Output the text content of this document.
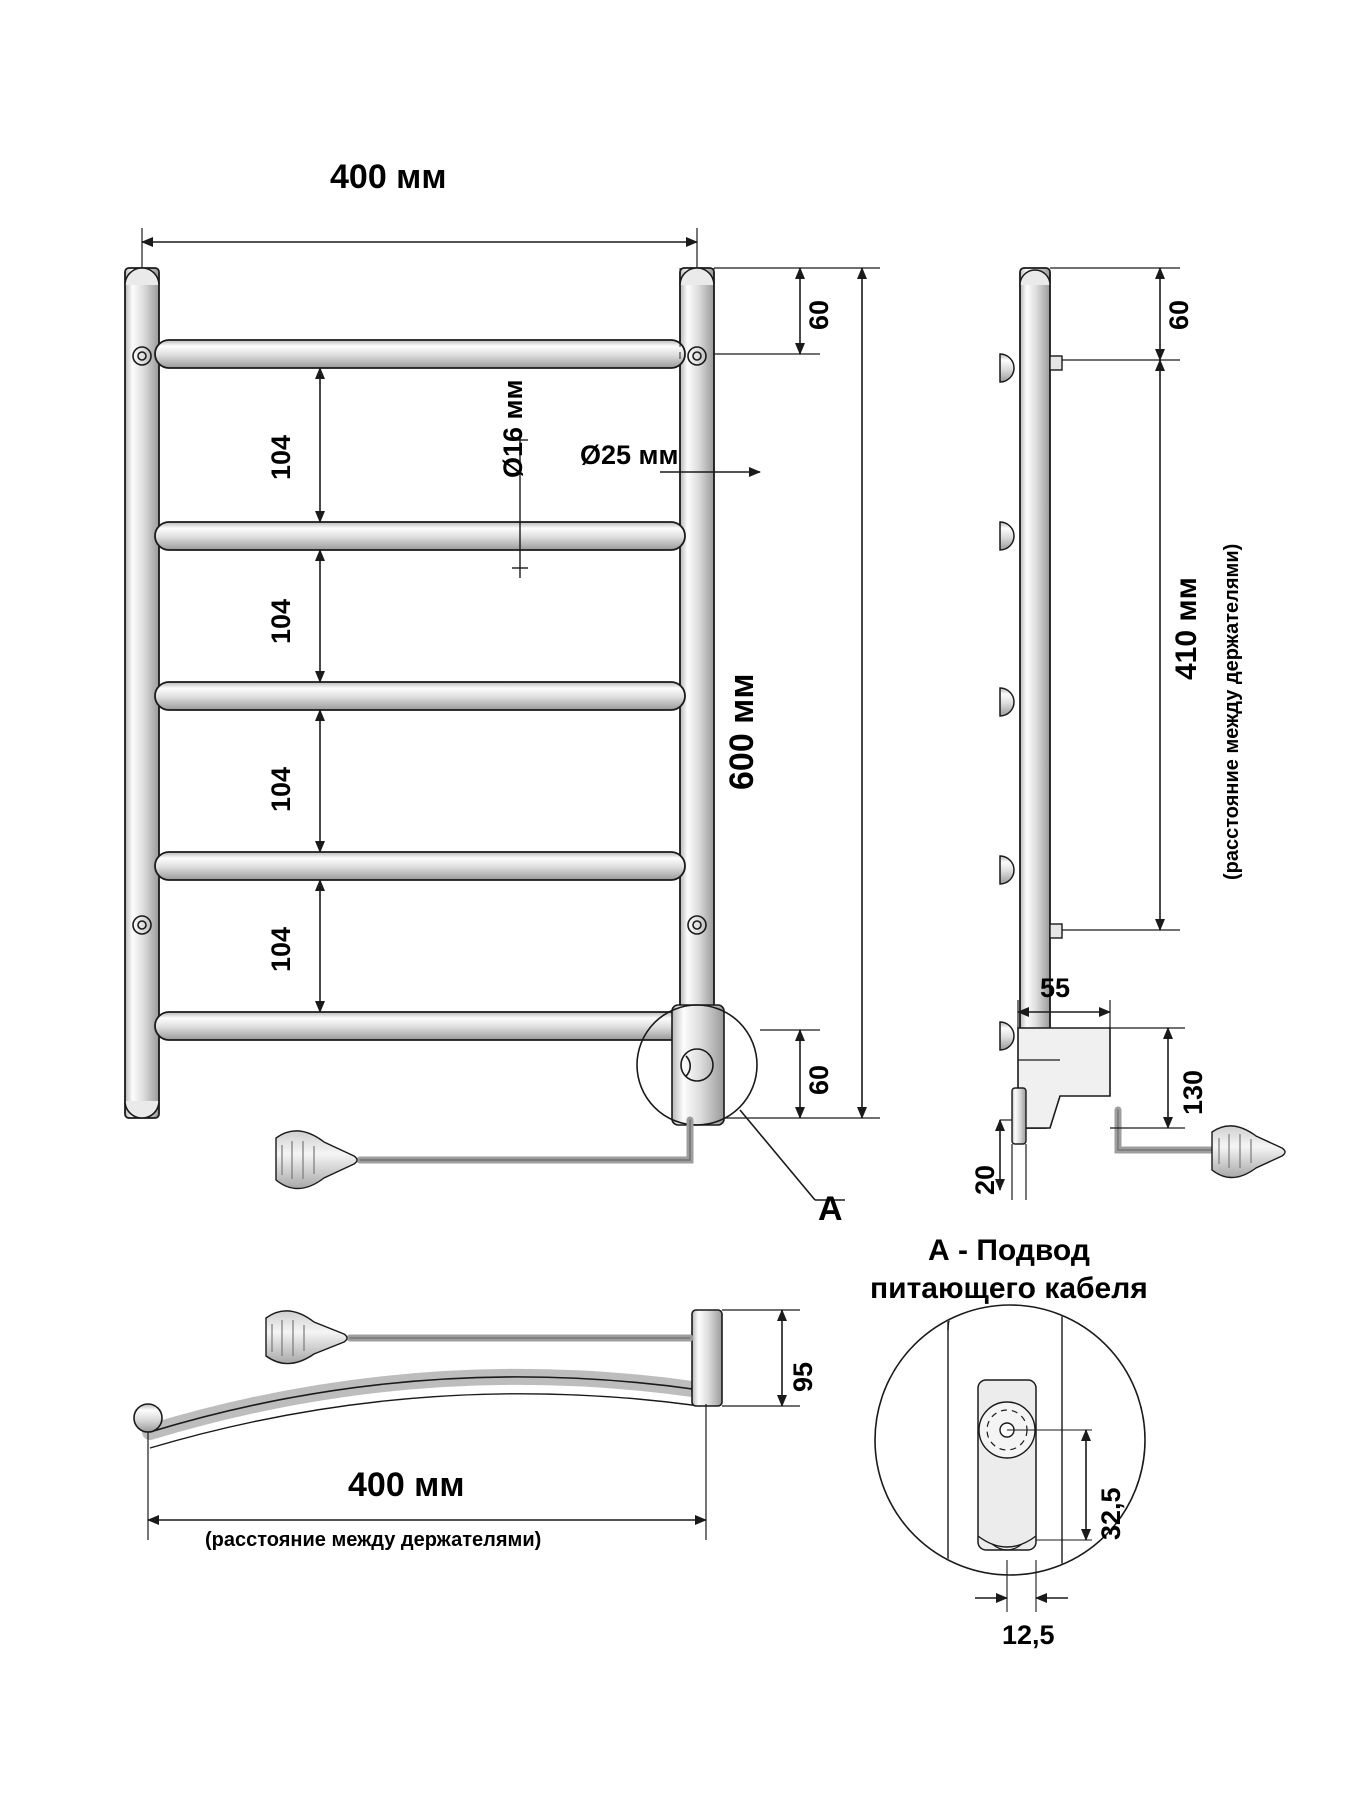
400 мм
600 мм
60
60
104
104
104
104
Ø16 мм Ø25 мм
A
60
410 мм (расстояние между держателями)
55
130
20
А - Подвод
питающего кабеля
95
400 мм
(расстояние между держателями)	32,5
12,5
